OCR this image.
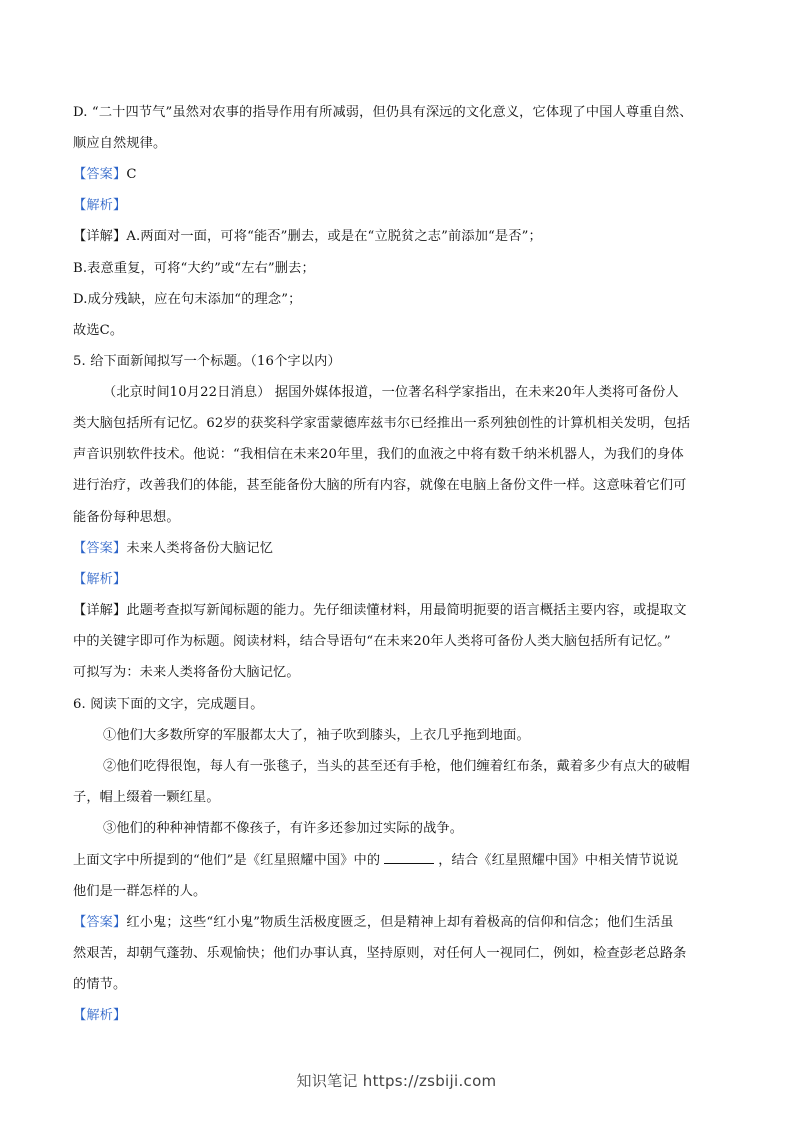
D. “二十四节气”虽然对农事的指导作用有所减弱，但仍具有深远的文化意义，它体现了中国人尊重自然、
顺应自然规律。
【答案】C
【解析】
【详解】A.两面对一面，可将“能否”删去，或是在“立脱贫之志”前添加“是否”；
B.表意重复，可将“大约”或“左右”删去；
D.成分残缺，应在句末添加“的理念”；
故选C。
5. 给下面新闻拟写一个标题。（16个字以内）
（北京时间10月22日消息） 据国外媒体报道，一位著名科学家指出，在未来20年人类将可备份人
类大脑包括所有记忆。62岁的获奖科学家雷蒙德库兹韦尔已经推出一系列独创性的计算机相关发明，包括
声音识别软件技术。他说：“我相信在未来20年里，我们的血液之中将有数千纳米机器人，为我们的身体
进行治疗，改善我们的体能，甚至能备份大脑的所有内容，就像在电脑上备份文件一样。这意味着它们可
能备份每种思想。
【答案】未来人类将备份大脑记忆
【解析】
【详解】此题考查拟写新闻标题的能力。先仔细读懂材料，用最简明扼要的语言概括主要内容，或提取文
中的关键字即可作为标题。阅读材料，结合导语句“在未来20年人类将可备份人类大脑包括所有记忆。”
可拟写为：未来人类将备份大脑记忆。
6. 阅读下面的文字，完成题目。
①他们大多数所穿的军服都太大了，袖子吹到膝头，上衣几乎拖到地面。
②他们吃得很饱，每人有一张毯子，当头的甚至还有手枪，他们缠着红布条，戴着多少有点大的破帽
子，帽上缀着一颗红星。
③他们的种种神情都不像孩子，有许多还参加过实际的战争。
上面文字中所提到的“他们”是《红星照耀中国》中的	，结合《红星照耀中国》中相关情节说说
他们是一群怎样的人。
【答案】红小鬼；这些“红小鬼”物质生活极度匮乏，但是精神上却有着极高的信仰和信念；他们生活虽
然艰苦，却朝气蓬勃、乐观愉快；他们办事认真，坚持原则，对任何人一视同仁，例如，检查彭老总路条
的情节。
【解析】
知识笔记 https://zsbiji.com
